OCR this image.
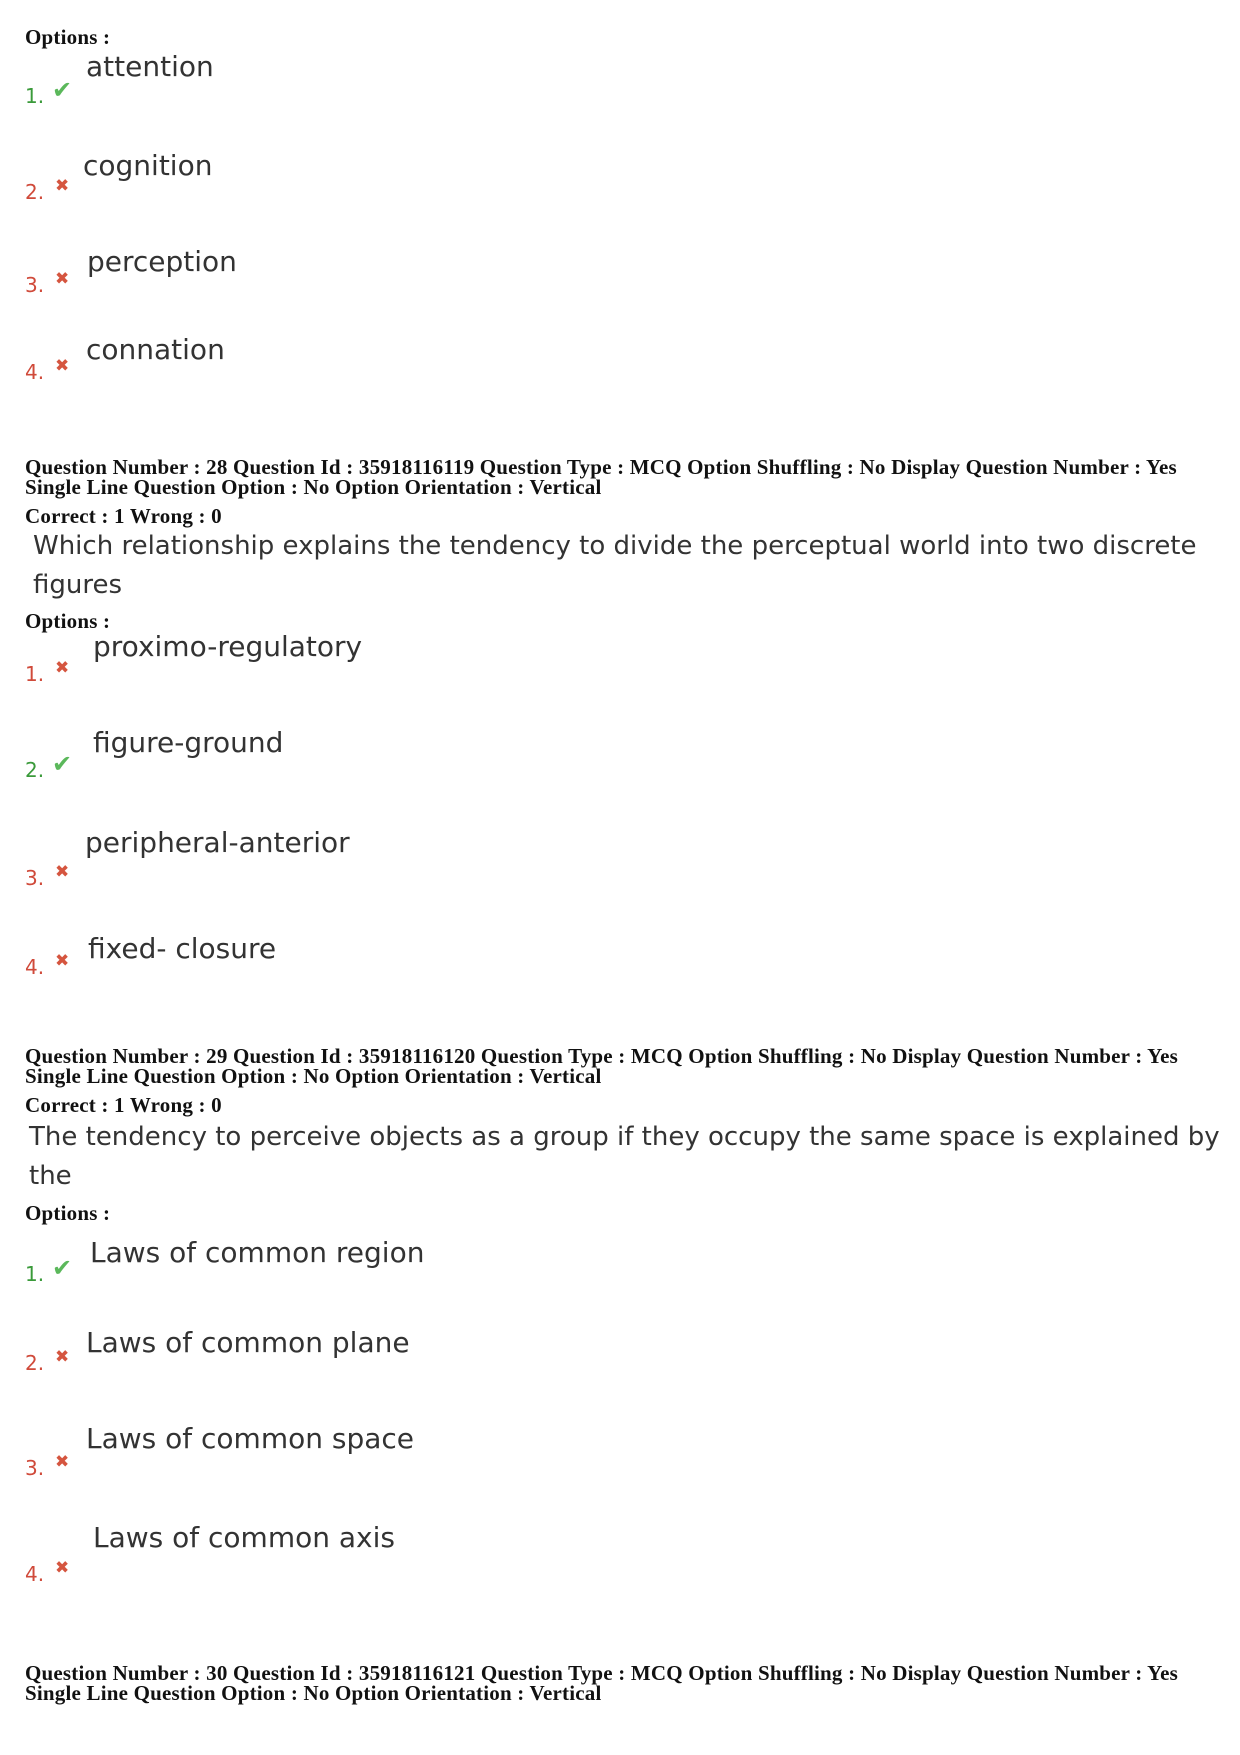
Options :
1. ✔
attention
2. ✖
cognition
3. ✖
perception
4. ✖ connation
Question Number : 28 Question Id : 35918116119 Question Type : MCQ Option Shuffling : No Display Question Number : Yes
Single Line Question Option : No Option Orientation : Vertical
Correct : 1 Wrong : 0
Which relationship explains the tendency to divide the perceptual world into two discrete
figures
Options :
1. ✖
proximo-regulatory
2. ✔
figure-ground
3. ✖
peripheral-anterior
4. ✖ fixed- closure
Question Number : 29 Question Id : 35918116120 Question Type : MCQ Option Shuffling : No Display Question Number : Yes
Single Line Question Option : No Option Orientation : Vertical
Correct : 1 Wrong : 0
The tendency to perceive objects as a group if they occupy the same space is explained by
the
Options :
1. ✔ Laws of common region
2. ✖ Laws of common plane
3. ✖
Laws of common space
4. ✖
Laws of common axis
Question Number : 30 Question Id : 35918116121 Question Type : MCQ Option Shuffling : No Display Question Number : Yes
Single Line Question Option : No Option Orientation : Vertical
